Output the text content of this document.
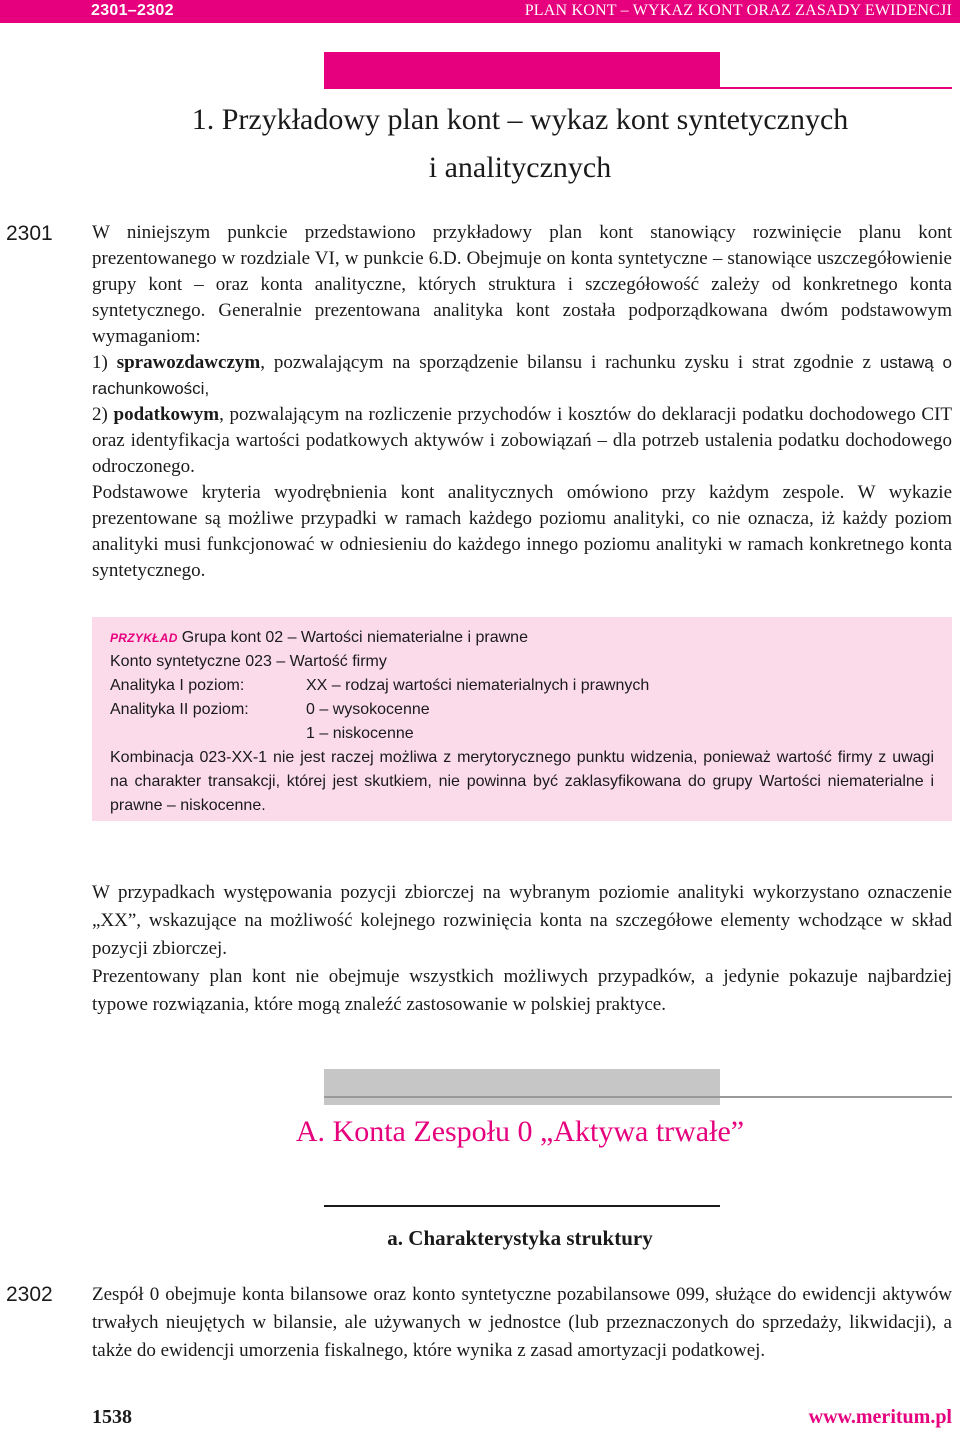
2301–2302	PLAN KONT – WYKAZ KONT ORAZ ZASADY EWIDENCJI
1. Przykładowy plan kont – wykaz kont syntetycznych
i analitycznych
2301 W niniejszym punkcie przedstawiono przykładowy plan kont stanowiący rozwinięcie planu kont prezentowanego w rozdziale VI, w punkcie 6.D. Obejmuje on konta syntetyczne – stanowiące uszczegółowienie grupy kont – oraz konta analityczne, których struktura i szczegółowość zależy od konkretnego konta syntetycznego. Generalnie prezentowana analityka kont została podporządkowana dwóm podstawowym wymaganiom:

1) sprawozdawczym, pozwalającym na sporządzenie bilansu i rachunku zysku i strat zgodnie z ustawą o rachunkowości,

2) podatkowym, pozwalającym na rozliczenie przychodów i kosztów do deklaracji podatku dochodowego CIT oraz identyfikacja wartości podatkowych aktywów i zobowiązań – dla potrzeb ustalenia podatku dochodowego odroczonego.

Podstawowe kryteria wyodrębnienia kont analitycznych omówiono przy każdym zespole. W wykazie prezentowane są możliwe przypadki w ramach każdego poziomu analityki, co nie oznacza, iż każdy poziom analityki musi funkcjonować w odniesieniu do każdego innego poziomu analityki w ramach konkretnego konta syntetycznego.

PRZYKŁAD Grupa kont 02 – Wartości niematerialne i prawne
Konto syntetyczne 023 – Wartość firmy
Analityka I poziom:	XX – rodzaj wartości niematerialnych i prawnych
Analityka II poziom:	0 – wysokocenne
1 – niskocenne
Kombinacja 023-XX-1 nie jest raczej możliwa z merytorycznego punktu widzenia, ponieważ wartość firmy z uwagi na charakter transakcji, której jest skutkiem, nie powinna być zaklasyfikowana do grupy Wartości niematerialne i prawne – niskocenne.

W przypadkach występowania pozycji zbiorczej na wybranym poziomie analityki wykorzystano oznaczenie „XX”, wskazujące na możliwość kolejnego rozwinięcia konta na szczegółowe elementy wchodzące w skład pozycji zbiorczej.

Prezentowany plan kont nie obejmuje wszystkich możliwych przypadków, a jedynie pokazuje najbardziej typowe rozwiązania, które mogą znaleźć zastosowanie w polskiej praktyce.

A. Konta Zespołu 0 „Aktywa trwałe”
a. Charakterystyka struktury
2302 Zespół 0 obejmuje konta bilansowe oraz konto syntetyczne pozabilansowe 099, służące do ewidencji aktywów trwałych nieujętych w bilansie, ale używanych w jednostce (lub przeznaczonych do sprzedaży, likwidacji), a także do ewidencji umorzenia fiskalnego, które wynika z zasad amortyzacji podatkowej.

1538	www.meritum.pl
